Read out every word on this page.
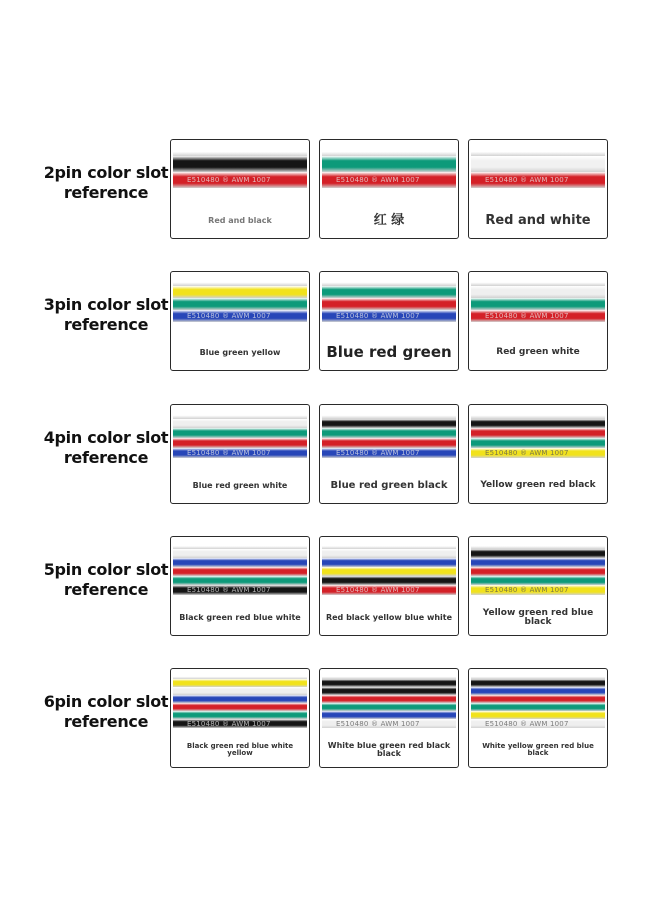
2pin color slot reference
E510480 ® AWM 1007
Red and black
E510480 ® AWM 1007
红 绿
E510480 ® AWM 1007
Red and white
3pin color slot reference	E510480 ® AWM 1007
Blue green yellow
E510480 ® AWM 1007
Blue red green
E510480 ® AWM 1007
Red green white
4pin color slot reference	E510480 ® AWM 1007
Blue red green white
E510480 ® AWM 1007
Blue red green black
E510480 ® AWM 1007
Yellow green red black
5pin color slot reference	E510480 ® AWM 1007
Black green red blue white
E510480 ® AWM 1007
Red black yellow blue white
E510480 ® AWM 1007
Yellow green red blue black
6pin color slot reference	E510480 ® AWM 1007
Black green red blue white yellow
E510480 ® AWM 1007
White blue green red black black
E510480 ® AWM 1007
White yellow green red blue black
